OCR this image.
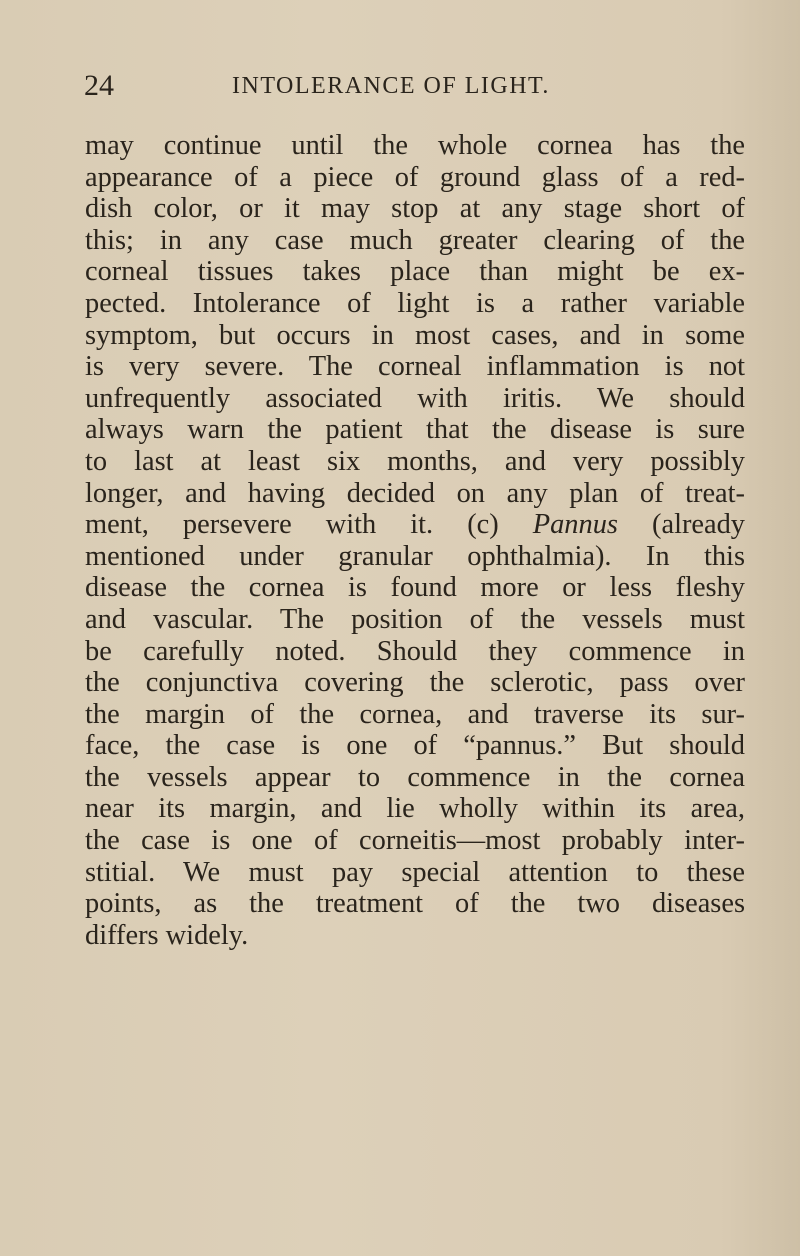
24	INTOLERANCE OF LIGHT.
may continue until the whole cornea has the
appearance of a piece of ground glass of a red-
dish color, or it may stop at any stage short of
this; in any case much greater clearing of the
corneal tissues takes place than might be ex-
pected. Intolerance of light is a rather variable
symptom, but occurs in most cases, and in some
is very severe. The corneal inflammation is not
unfrequently associated with iritis. We should
always warn the patient that the disease is sure
to last at least six months, and very possibly
longer, and having decided on any plan of treat-
ment, persevere with it. (c) Pannus (already
mentioned under granular ophthalmia). In this
disease the cornea is found more or less fleshy
and vascular. The position of the vessels must
be carefully noted. Should they commence in
the conjunctiva covering the sclerotic, pass over
the margin of the cornea, and traverse its sur-
face, the case is one of “pannus.” But should
the vessels appear to commence in the cornea
near its margin, and lie wholly within its area,
the case is one of corneitis—most probably inter-
stitial. We must pay special attention to these
points, as the treatment of the two diseases
differs widely.
